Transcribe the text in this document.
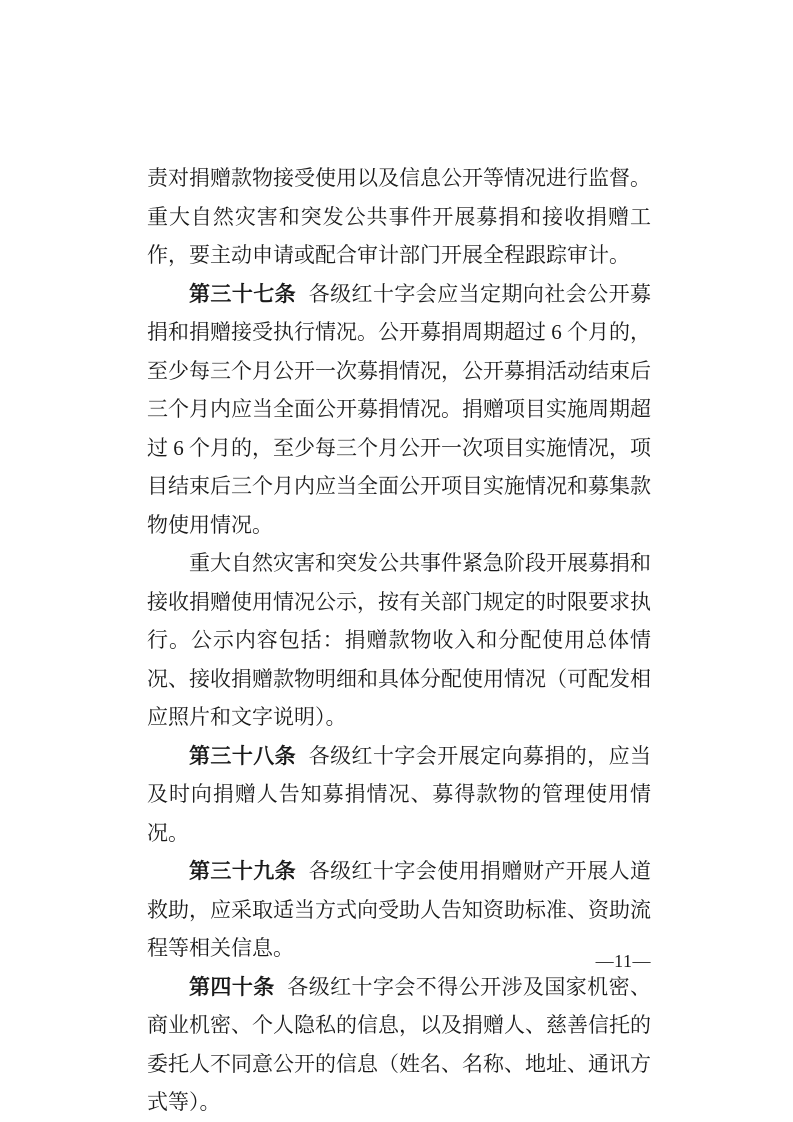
责对捐赠款物接受使用以及信息公开等情况进行监督。重大自然灾害和突发公共事件开展募捐和接收捐赠工作，要主动申请或配合审计部门开展全程跟踪审计。

第三十七条 各级红十字会应当定期向社会公开募捐和捐赠接受执行情况。公开募捐周期超过 6 个月的，至少每三个月公开一次募捐情况，公开募捐活动结束后三个月内应当全面公开募捐情况。捐赠项目实施周期超过 6 个月的，至少每三个月公开一次项目实施情况，项目结束后三个月内应当全面公开项目实施情况和募集款物使用情况。

重大自然灾害和突发公共事件紧急阶段开展募捐和接收捐赠使用情况公示，按有关部门规定的时限要求执行。公示内容包括：捐赠款物收入和分配使用总体情况、接收捐赠款物明细和具体分配使用情况（可配发相应照片和文字说明）。

第三十八条 各级红十字会开展定向募捐的，应当及时向捐赠人告知募捐情况、募得款物的管理使用情况。

第三十九条 各级红十字会使用捐赠财产开展人道救助，应采取适当方式向受助人告知资助标准、资助流程等相关信息。

第四十条 各级红十字会不得公开涉及国家机密、商业机密、个人隐私的信息，以及捐赠人、慈善信托的委托人不同意公开的信息（姓名、名称、地址、通讯方式等）。

—11—
